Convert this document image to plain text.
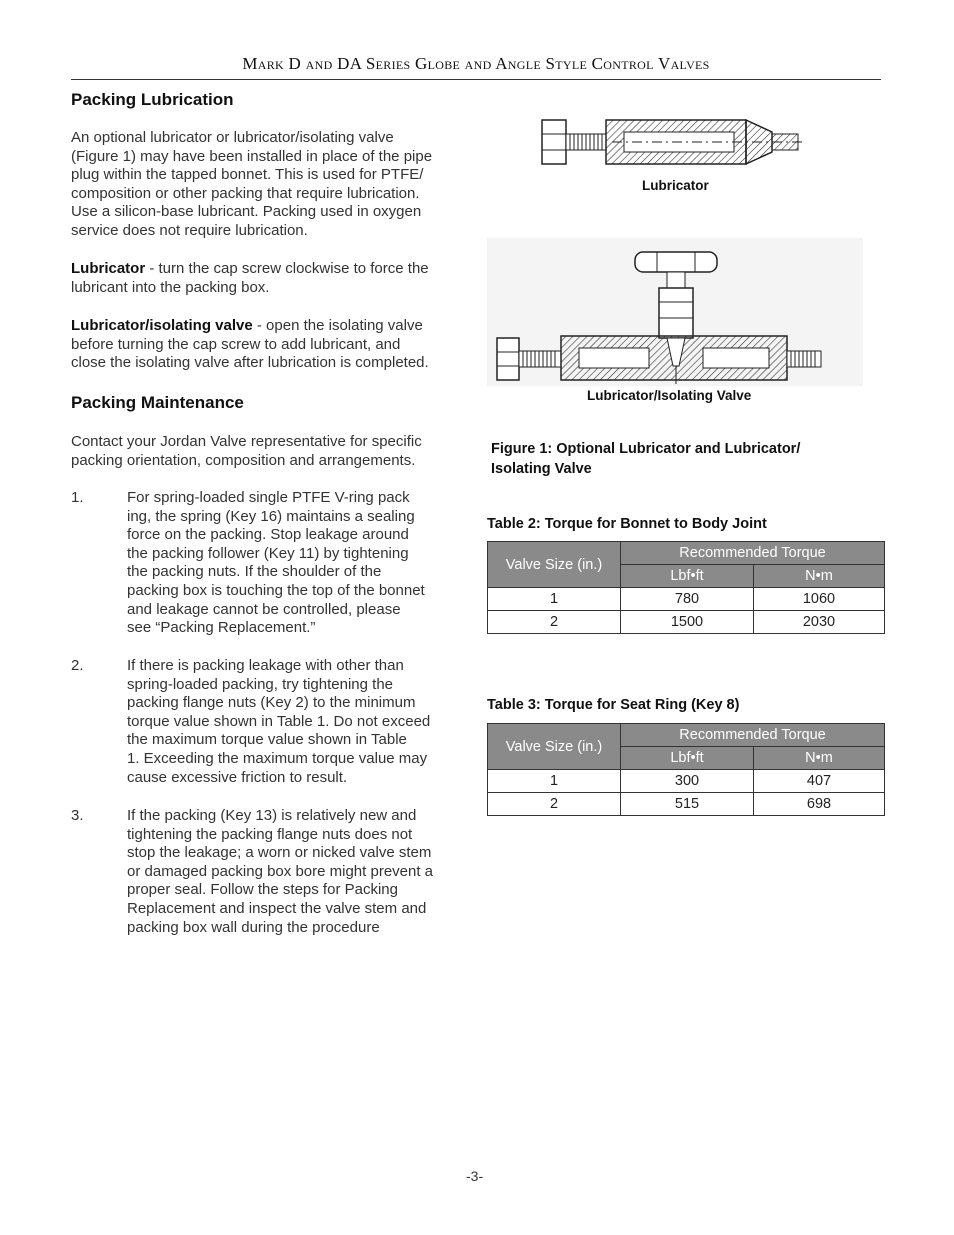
Mark D and DA Series Globe and Angle Style Control Valves
Packing Lubrication
An optional lubricator or lubricator/isolating valve
(Figure 1) may have been installed in place of the pipe
plug within the tapped bonnet. This is used for PTFE/
composition or other packing that require lubrication.
Use a silicon-base lubricant. Packing used in oxygen
service does not require lubrication.
Lubricator - turn the cap screw clockwise to force the
lubricant into the packing box.
Lubricator/isolating valve - open the isolating valve
before turning the cap screw to add lubricant, and
close the isolating valve after lubrication is completed.
Packing Maintenance
Contact your Jordan Valve representative for specific
packing orientation, composition and arrangements.
1.	For spring-loaded single PTFE V-ring pack
ing, the spring (Key 16) maintains a sealing
force on the packing. Stop leakage around
the packing follower (Key 11) by tightening
the packing nuts. If the shoulder of the
packing box is touching the top of the bonnet
and leakage cannot be controlled, please
see “Packing Replacement.”
2.	If there is packing leakage with other than
spring-loaded packing, try tightening the
packing flange nuts (Key 2) to the minimum
torque value shown in Table 1. Do not exceed
the maximum torque value shown in Table
1. Exceeding the maximum torque value may
cause excessive friction to result.
3.	If the packing (Key 13) is relatively new and
tightening the packing flange nuts does not
stop the leakage; a worn or nicked valve stem
or damaged packing box bore might prevent a
proper seal. Follow the steps for Packing
Replacement and inspect the valve stem and
packing box wall during the procedure
Lubricator
Lubricator/Isolating Valve
Figure 1: Optional Lubricator and Lubricator/
Isolating Valve
Table 2: Torque for Bonnet to Body Joint
Valve Size (in.)	Recommended Torque	
	Lbf•ft	N•m
1	780	1060
2	1500	2030
Table 3: Torque for Seat Ring (Key 8)
Valve Size (in.)	Recommended Torque	
	Lbf•ft	N•m
1	300	407
2	515	698
-3-
